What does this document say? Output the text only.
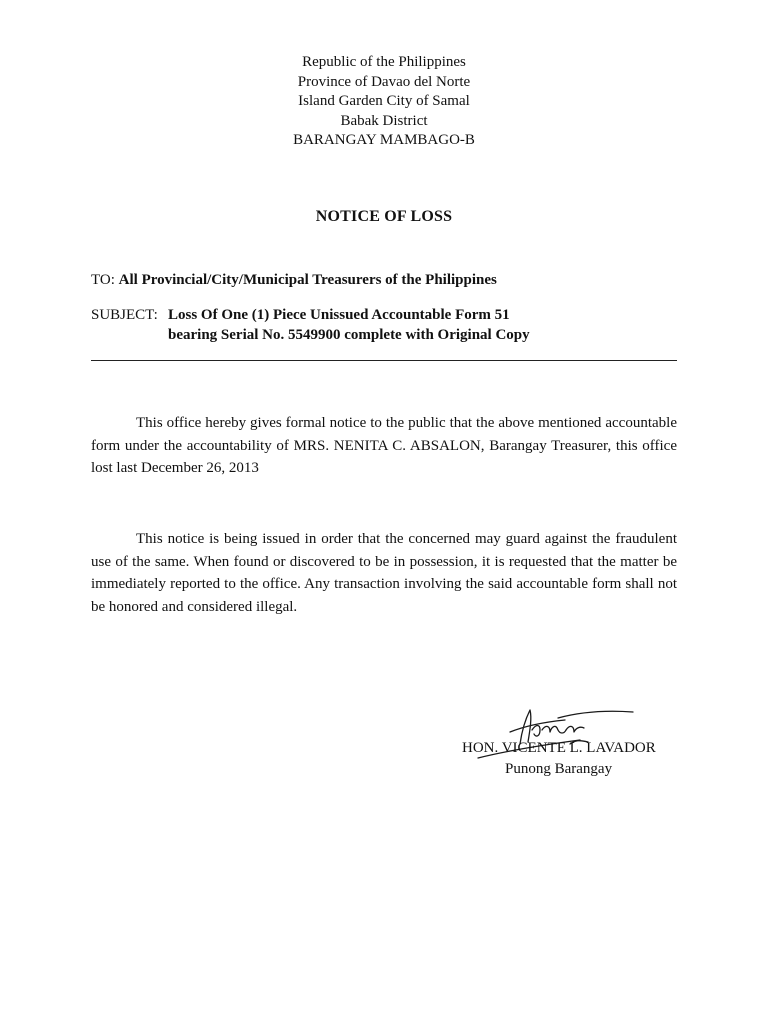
Republic of the Philippines
Province of Davao del Norte
Island Garden City of Samal
Babak District
BARANGAY MAMBAGO-B
NOTICE OF LOSS
TO: All Provincial/City/Municipal Treasurers of the Philippines
SUBJECT: Loss Of One (1) Piece Unissued Accountable Form 51
bearing Serial No. 5549900 complete with Original Copy
This office hereby gives formal notice to the public that the above mentioned accountable form under the accountability of MRS. NENITA C. ABSALON, Barangay Treasurer, this office lost last December 26, 2013
This notice is being issued in order that the concerned may guard against the fraudulent use of the same. When found or discovered to be in possession, it is requested that the matter be immediately reported to the office. Any transaction involving the said accountable form shall not be honored and considered illegal.
HON. VICENTE L. LAVADOR
Punong Barangay
